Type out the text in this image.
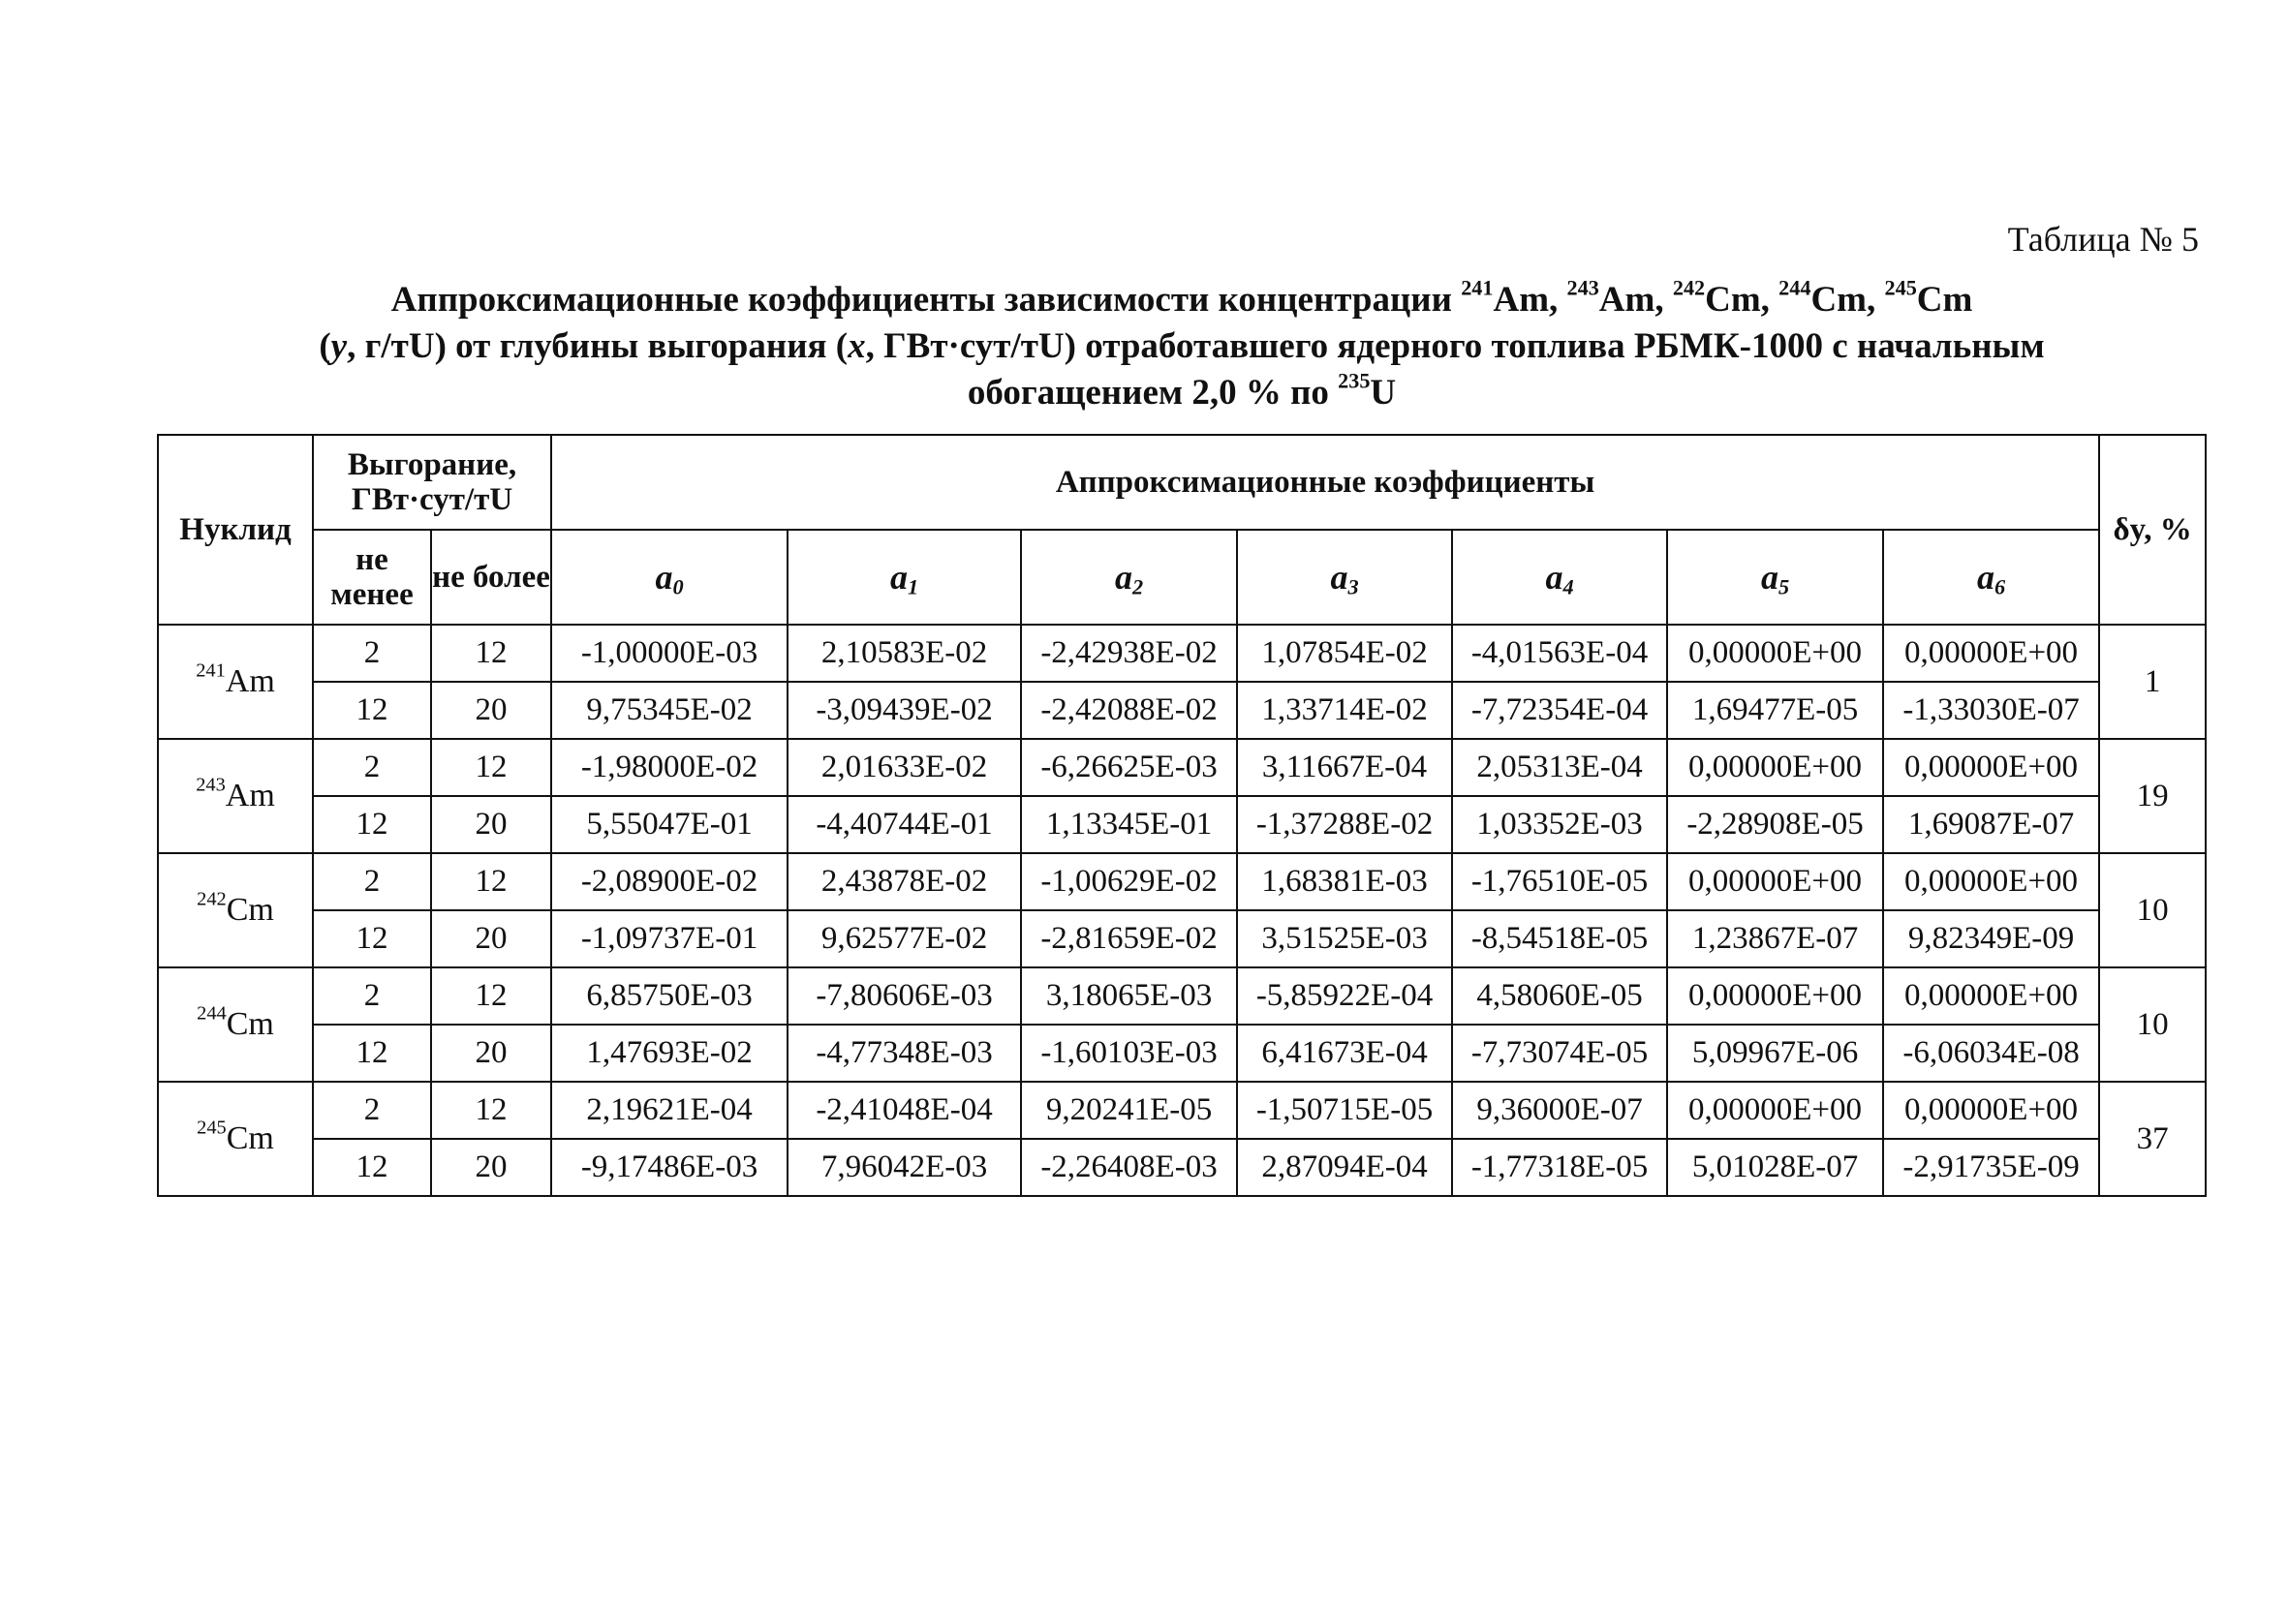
Таблица № 5
Аппроксимационные коэффициенты зависимости концентрации $^{241}$Am, $^{243}$Am, $^{242}$Cm, $^{244}$Cm, $^{245}$Cm
(y, г/тU) от глубины выгорания (x, ГВт·сут/тU) отработавшего ядерного топлива РБМК-1000 с начальным
обогащением 2,0 % по $^{235}$U
Нуклид	Выгорание, ГВт·сут/тU		Аппроксимационные коэффициенты							δy, %
	не менее	не более	$a_0$	$a_1$	$a_2$	$a_3$	$a_4$	$a_5$	$a_6$
$^{241}$Am	2	12	-1,00000E-03	2,10583E-02	-2,42938E-02	1,07854E-02	-4,01563E-04	0,00000E+00	0,00000E+00	1
	12	20	9,75345E-02	-3,09439E-02	-2,42088E-02	1,33714E-02	-7,72354E-04	1,69477E-05	-1,33030E-07	
$^{243}$Am	2	12	-1,98000E-02	2,01633E-02	-6,26625E-03	3,11667E-04	2,05313E-04	0,00000E+00	0,00000E+00	19
	12	20	5,55047E-01	-4,40744E-01	1,13345E-01	-1,37288E-02	1,03352E-03	-2,28908E-05	1,69087E-07	
$^{242}$Cm	2	12	-2,08900E-02	2,43878E-02	-1,00629E-02	1,68381E-03	-1,76510E-05	0,00000E+00	0,00000E+00	10
	12	20	-1,09737E-01	9,62577E-02	-2,81659E-02	3,51525E-03	-8,54518E-05	1,23867E-07	9,82349E-09	
$^{244}$Cm	2	12	6,85750E-03	-7,80606E-03	3,18065E-03	-5,85922E-04	4,58060E-05	0,00000E+00	0,00000E+00	10
	12	20	1,47693E-02	-4,77348E-03	-1,60103E-03	6,41673E-04	-7,73074E-05	5,09967E-06	-6,06034E-08	
$^{245}$Cm	2	12	2,19621E-04	-2,41048E-04	9,20241E-05	-1,50715E-05	9,36000E-07	0,00000E+00	0,00000E+00	37
	12	20	-9,17486E-03	7,96042E-03	-2,26408E-03	2,87094E-04	-1,77318E-05	5,01028E-07	-2,91735E-09	
